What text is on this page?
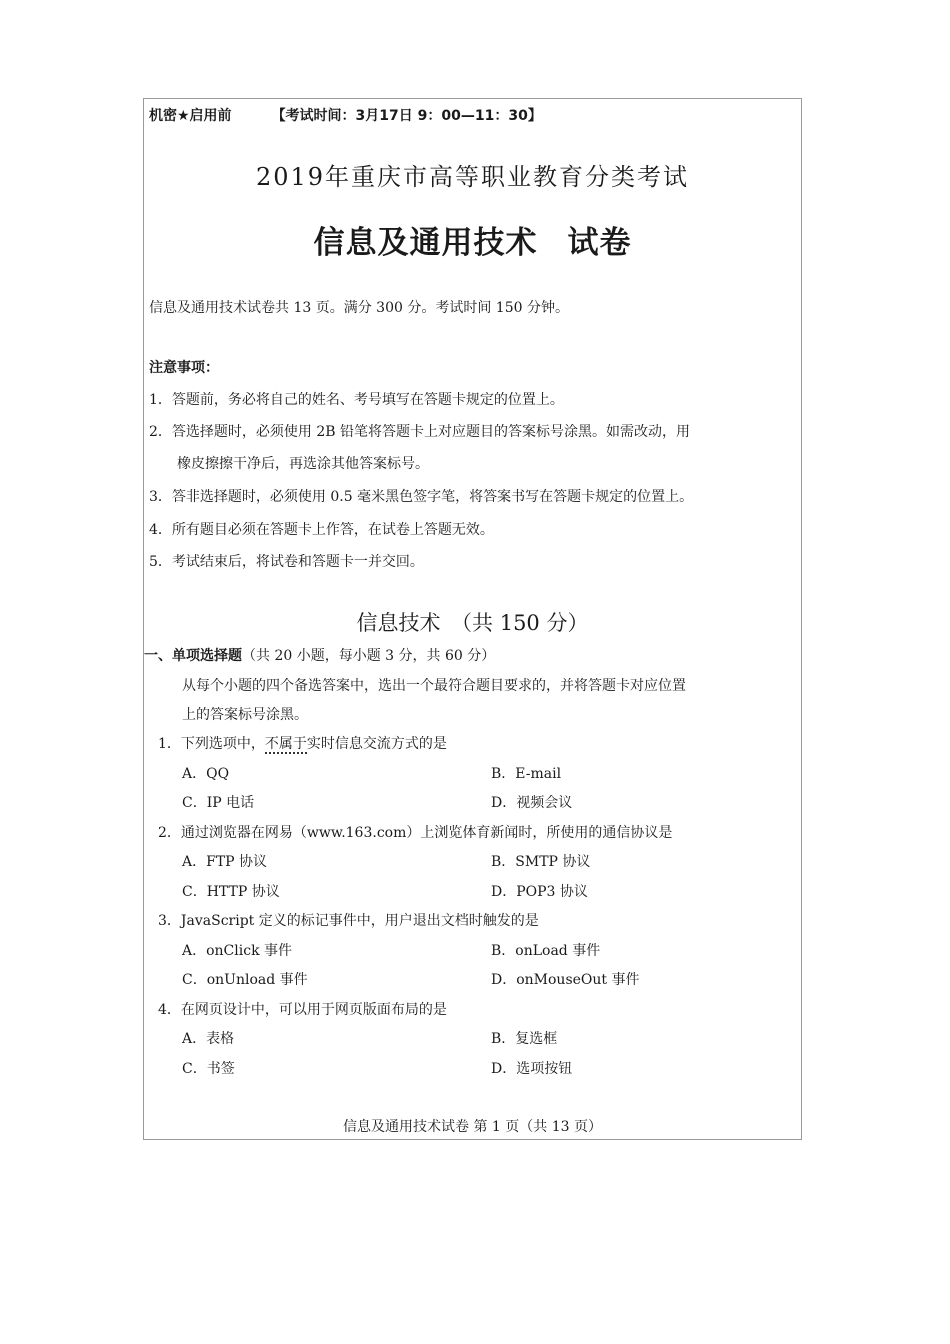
机密★启用前	【考试时间：3月17日 9：00—11：30】
2019年重庆市高等职业教育分类考试
信息及通用技术 试卷
信息及通用技术试卷共 13 页。满分 300 分。考试时间 150 分钟。
注意事项：
1．答题前，务必将自己的姓名、考号填写在答题卡规定的位置上。
2．答选择题时，必须使用 2B 铅笔将答题卡上对应题目的答案标号涂黑。如需改动，用
橡皮擦擦干净后，再选涂其他答案标号。
3．答非选择题时，必须使用 0.5 毫米黑色签字笔，将答案书写在答题卡规定的位置上。
4．所有题目必须在答题卡上作答，在试卷上答题无效。
5．考试结束后，将试卷和答题卡一并交回。
信息技术　（共 150 分）
一、单项选择题（共 20 小题，每小题 3 分，共 60 分）
从每个小题的四个备选答案中，选出一个最符合题目要求的，并将答题卡对应位置
上的答案标号涂黑。
1．下列选项中，不属于实时信息交流方式的是
A．QQ	B．E-mail
C．IP 电话	D．视频会议
2．通过浏览器在网易（www.163.com）上浏览体育新闻时，所使用的通信协议是
A．FTP 协议	B．SMTP 协议
C．HTTP 协议	D．POP3 协议
3．JavaScript 定义的标记事件中，用户退出文档时触发的是
A．onClick 事件	B．onLoad 事件
C．onUnload 事件	D．onMouseOut 事件
4．在网页设计中，可以用于网页版面布局的是
A．表格	B．复选框
C．书签	D．选项按钮
信息及通用技术试卷 第 1 页（共 13 页）
